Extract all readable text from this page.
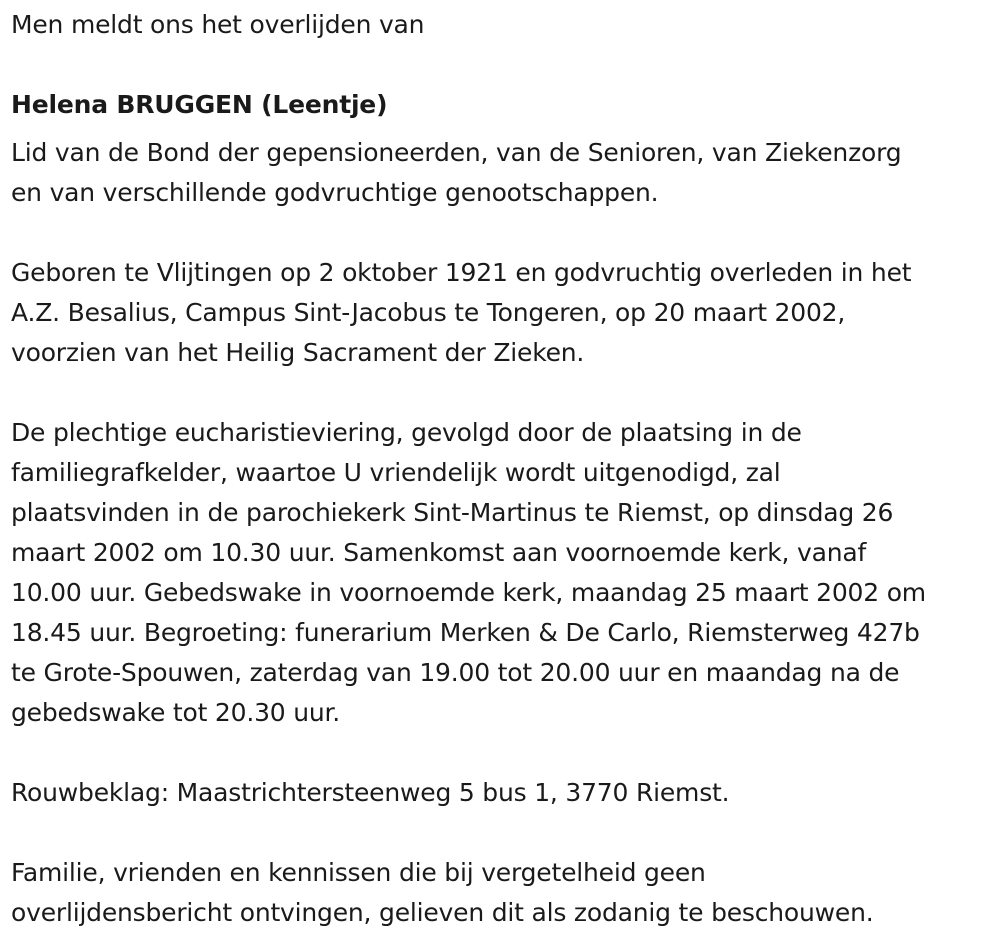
Men meldt ons het overlijden van

Helena BRUGGEN (Leentje)

Lid van de Bond der gepensioneerden, van de Senioren, van Ziekenzorg

en van verschillende godvruchtige genootschappen.

Geboren te Vlijtingen op 2 oktober 1921 en godvruchtig overleden in het

A.Z. Besalius, Campus Sint-Jacobus te Tongeren, op 20 maart 2002,

voorzien van het Heilig Sacrament der Zieken.

De plechtige eucharistieviering, gevolgd door de plaatsing in de

familiegrafkelder, waartoe U vriendelijk wordt uitgenodigd, zal

plaatsvinden in de parochiekerk Sint-Martinus te Riemst, op dinsdag 26

maart 2002 om 10.30 uur. Samenkomst aan voornoemde kerk, vanaf

10.00 uur. Gebedswake in voornoemde kerk, maandag 25 maart 2002 om

18.45 uur. Begroeting: funerarium Merken & De Carlo, Riemsterweg 427b

te Grote-Spouwen, zaterdag van 19.00 tot 20.00 uur en maandag na de

gebedswake tot 20.30 uur.

Rouwbeklag: Maastrichtersteenweg 5 bus 1, 3770 Riemst.

Familie, vrienden en kennissen die bij vergetelheid geen

overlijdensbericht ontvingen, gelieven dit als zodanig te beschouwen.
